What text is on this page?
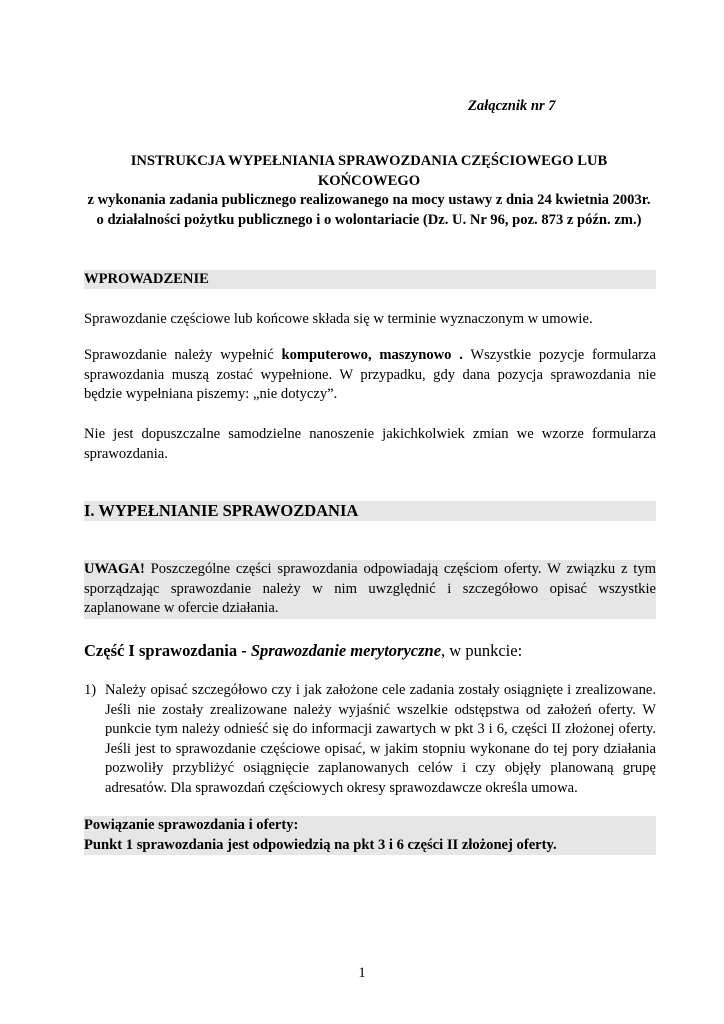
Załącznik nr 7
INSTRUKCJA WYPEŁNIANIA SPRAWOZDANIA CZĘŚCIOWEGO LUB
KOŃCOWEGO
z wykonania zadania publicznego realizowanego na mocy ustawy z dnia 24 kwietnia 2003r.
o działalności pożytku publicznego i o wolontariacie (Dz. U. Nr 96, poz. 873 z późn. zm.)
WPROWADZENIE
Sprawozdanie częściowe lub końcowe składa się w terminie wyznaczonym w umowie.
Sprawozdanie należy wypełnić komputerowo, maszynowo . Wszystkie pozycje formularza sprawozdania muszą zostać wypełnione. W przypadku, gdy dana pozycja sprawozdania nie będzie wypełniana piszemy: „nie dotyczy”.
Nie jest dopuszczalne samodzielne nanoszenie jakichkolwiek zmian we wzorze formularza sprawozdania.
I. WYPEŁNIANIE SPRAWOZDANIA
UWAGA! Poszczególne części sprawozdania odpowiadają częściom oferty. W związku z tym sporządzając sprawozdanie należy w nim uwzględnić i szczegółowo opisać wszystkie zaplanowane w ofercie działania.
Część I sprawozdania - Sprawozdanie merytoryczne, w punkcie:
1) Należy opisać szczegółowo czy i jak założone cele zadania zostały osiągnięte i zrealizowane. Jeśli nie zostały zrealizowane należy wyjaśnić wszelkie odstępstwa od założeń oferty. W punkcie tym należy odnieść się do informacji zawartych w pkt 3 i 6, części II złożonej oferty. Jeśli jest to sprawozdanie częściowe opisać, w jakim stopniu wykonane do tej pory działania pozwoliły przybliżyć osiągnięcie zaplanowanych celów i czy objęły planowaną grupę adresatów. Dla sprawozdań częściowych okresy sprawozdawcze określa umowa.
Powiązanie sprawozdania i oferty:
Punkt 1 sprawozdania jest odpowiedzią na pkt 3 i 6 części II złożonej oferty.
1
